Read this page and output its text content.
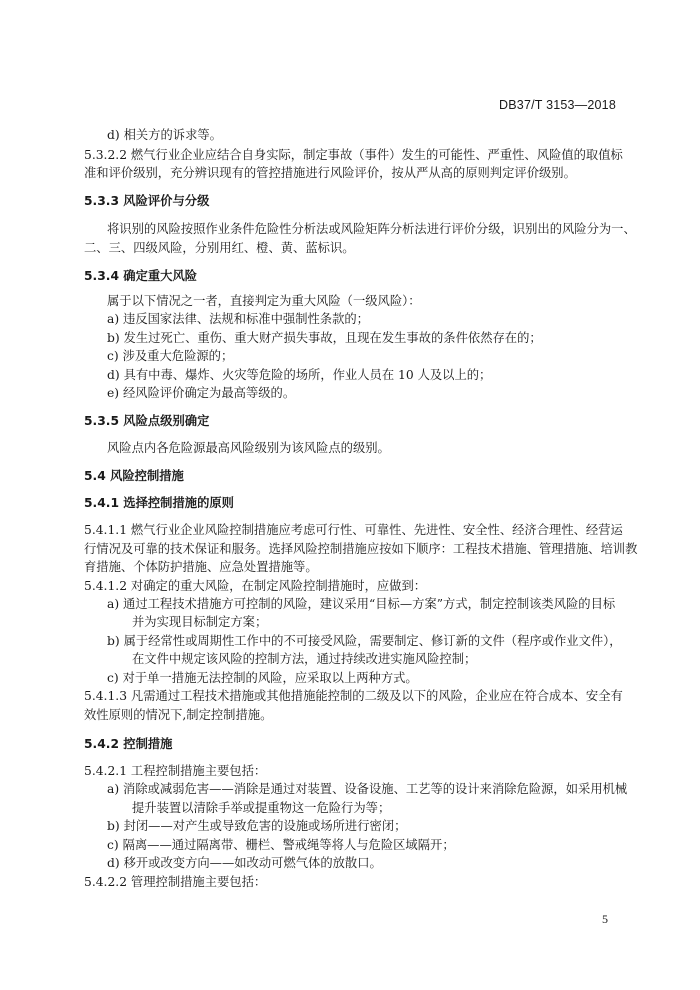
DB37/T 3153—2018
d) 相关方的诉求等。
5.3.2.2 燃气行业企业应结合自身实际，制定事故（事件）发生的可能性、严重性、风险值的取值标
准和评价级别，充分辨识现有的管控措施进行风险评价，按从严从高的原则判定评价级别。
5.3.3 风险评价与分级
将识别的风险按照作业条件危险性分析法或风险矩阵分析法进行评价分级，识别出的风险分为一、
二、三、四级风险，分别用红、橙、黄、蓝标识。
5.3.4 确定重大风险
属于以下情况之一者，直接判定为重大风险（一级风险）：
a) 违反国家法律、法规和标准中强制性条款的；
b) 发生过死亡、重伤、重大财产损失事故，且现在发生事故的条件依然存在的；
c) 涉及重大危险源的；
d) 具有中毒、爆炸、火灾等危险的场所，作业人员在 10 人及以上的；
e) 经风险评价确定为最高等级的。
5.3.5 风险点级别确定
风险点内各危险源最高风险级别为该风险点的级别。
5.4 风险控制措施
5.4.1 选择控制措施的原则
5.4.1.1 燃气行业企业风险控制措施应考虑可行性、可靠性、先进性、安全性、经济合理性、经营运
行情况及可靠的技术保证和服务。选择风险控制措施应按如下顺序：工程技术措施、管理措施、培训教
育措施、个体防护措施、应急处置措施等。
5.4.1.2 对确定的重大风险，在制定风险控制措施时，应做到：
a) 通过工程技术措施方可控制的风险，建议采用“目标—方案”方式，制定控制该类风险的目标
并为实现目标制定方案；
b) 属于经常性或周期性工作中的不可接受风险，需要制定、修订新的文件（程序或作业文件），
在文件中规定该风险的控制方法，通过持续改进实施风险控制；
c) 对于单一措施无法控制的风险，应采取以上两种方式。
5.4.1.3 凡需通过工程技术措施或其他措施能控制的二级及以下的风险，企业应在符合成本、安全有
效性原则的情况下,制定控制措施。
5.4.2 控制措施
5.4.2.1 工程控制措施主要包括：
a) 消除或减弱危害——消除是通过对装置、设备设施、工艺等的设计来消除危险源，如采用机械
提升装置以清除手举或提重物这一危险行为等；
b) 封闭——对产生或导致危害的设施或场所进行密闭；
c) 隔离——通过隔离带、栅栏、警戒绳等将人与危险区域隔开；
d) 移开或改变方向——如改动可燃气体的放散口。
5.4.2.2 管理控制措施主要包括：
5
